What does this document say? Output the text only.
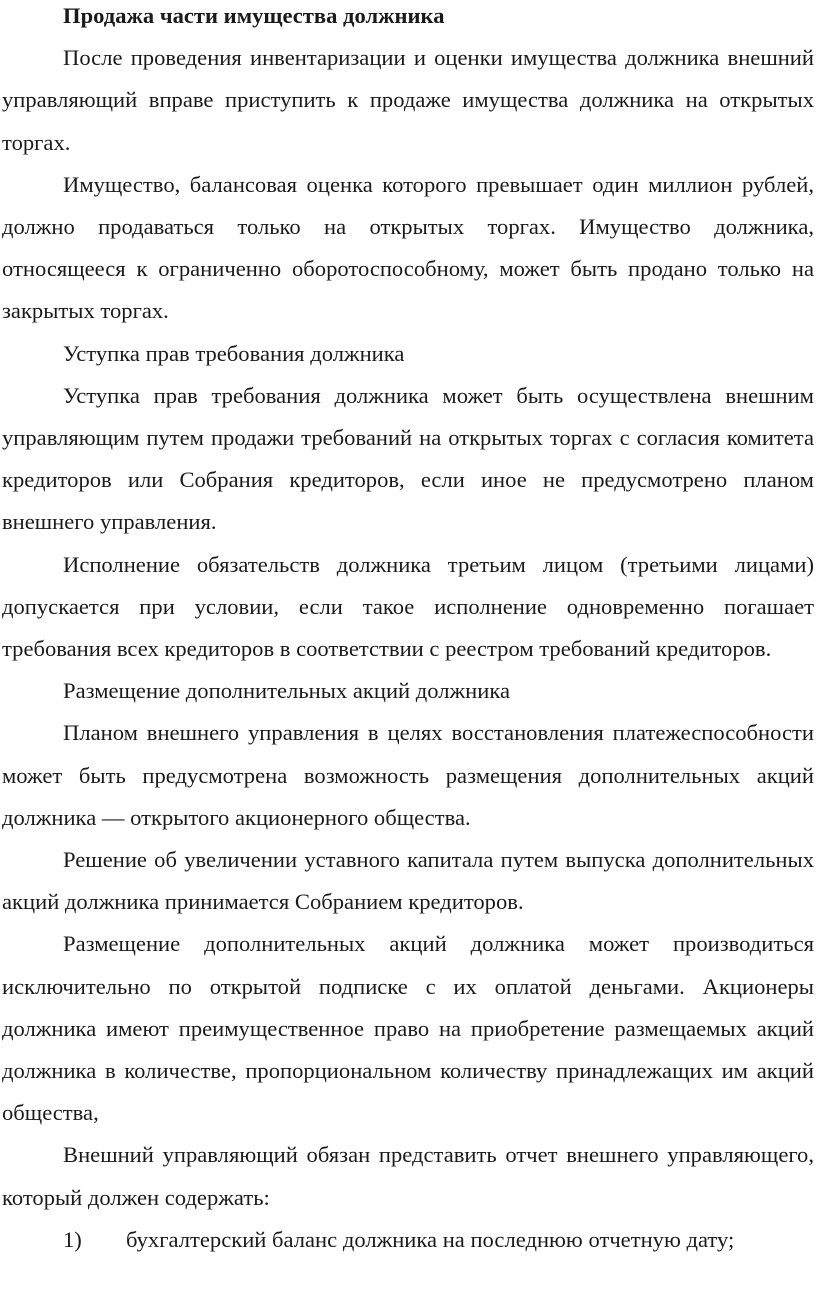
Продажа части имущества должника

После проведения инвентаризации и оценки имущества должника внешний управляющий вправе приступить к продаже имущества должника на открытых торгах.

Имущество, балансовая оценка которого превышает один миллион рублей, должно продаваться только на открытых торгах. Имущество должника, относящееся к ограниченно оборотоспособному, может быть продано только на закрытых торгах.

Уступка прав требования должника

Уступка прав требования должника может быть осуществлена внешним управляющим путем продажи требований на открытых торгах с согласия комитета кредиторов или Собрания кредиторов, если иное не предусмотрено планом внешнего управления.

Исполнение обязательств должника третьим лицом (третьими лицами) допускается при условии, если такое исполнение одновременно погашает требования всех кредиторов в соответствии с реестром требований кредиторов.

Размещение дополнительных акций должника

Планом внешнего управления в целях восстановления платежеспособности может быть предусмотрена возможность размещения дополнительных акций должника — открытого акционерного общества.

Решение об увеличении уставного капитала путем выпуска дополнительных акций должника принимается Собранием кредиторов.

Размещение дополнительных акций должника может производиться исключительно по открытой подписке с их оплатой деньгами. Акционеры должника имеют преимущественное право на приобретение размещаемых акций должника в количестве, пропорциональном количеству принадлежащих им акций общества,

Внешний управляющий обязан представить отчет внешнего управляющего, который должен содержать:

1)	бухгалтерский баланс должника на последнюю отчетную дату;
